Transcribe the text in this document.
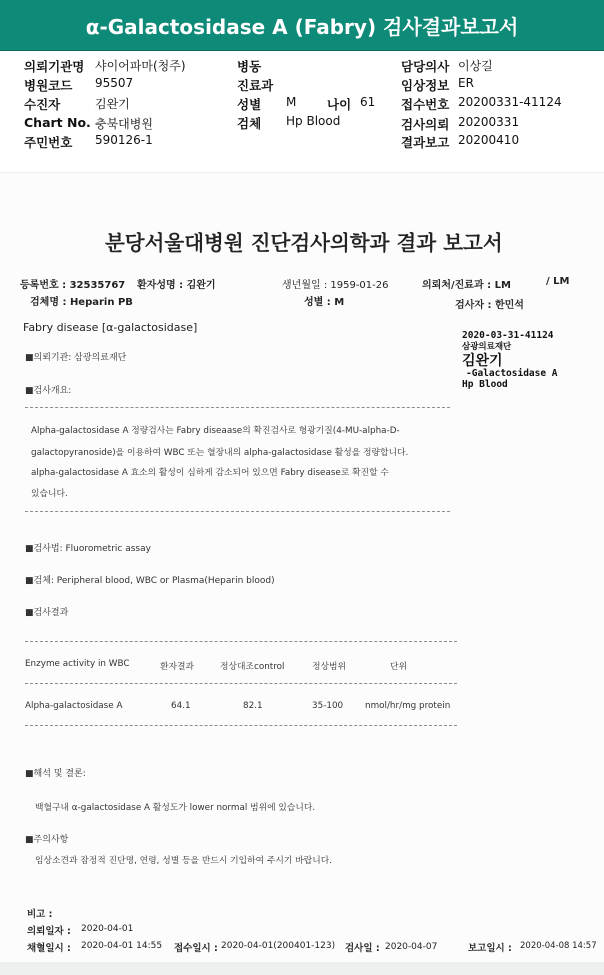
α-Galactosidase A (Fabry) 검사결과보고서
의뢰기관명 샤이어파마(청주)
병원코드 95507
수진자	김완기
Chart No. 충북대병원
주민번호 590126-1
병동
진료과
성별 M 나이 61
검체 Hp Blood
담당의사 이상길
임상정보 ER
접수번호 20200331-41124
검사의뢰 20200331
결과보고 20200410
분당서울대병원 진단검사의학과 결과 보고서
등록번호 : 32535767 환자성명 : 김완기	생년월일 : 1959-01-26	의뢰처/진료과 : LM	/ LM
검체명 : Heparin PB	성별 : M	검사자 : 한민석
Fabry disease [α-galactosidase]
2020-03-31-41124
삼광의료재단
김완기
-Galactosidase A
Hp Blood
■의뢰기관: 삼광의료재단
■검사개요:
Alpha-galactosidase A 정량검사는 Fabry diseaase의 확진검사로 형광기질(4-MU-alpha-D-
galactopyranoside)을 이용하여 WBC 또는 혈장내의 alpha-galactosidase 활성을 정량합니다.
alpha-galactosidase A 효소의 활성이 심하게 감소되어 있으면 Fabry disease로 확진할 수
있습니다.
■검사법: Fluorometric assay
■검체: Peripheral blood, WBC or Plasma(Heparin blood)
■검사결과
Enzyme activity in WBC	환자결과	정상대조control	정상범위	단위
Alpha-galactosidase A	64.1	82.1	35-100 nmol/hr/mg protein
■해석 및 결론:
백혈구내 α-galactosidase A 활성도가 lower normal 범위에 있습니다.
■주의사항
임상소견과 잠정적 진단명, 연령, 성별 등을 반드시 기입하여 주시기 바랍니다.
비고 :
의뢰일자 : 2020-04-01
채혈일시 : 2020-04-01 14:55 접수일시 : 2020-04-01(200401-123) 검사일 : 2020-04-07	보고일시 : 2020-04-08 14:57
